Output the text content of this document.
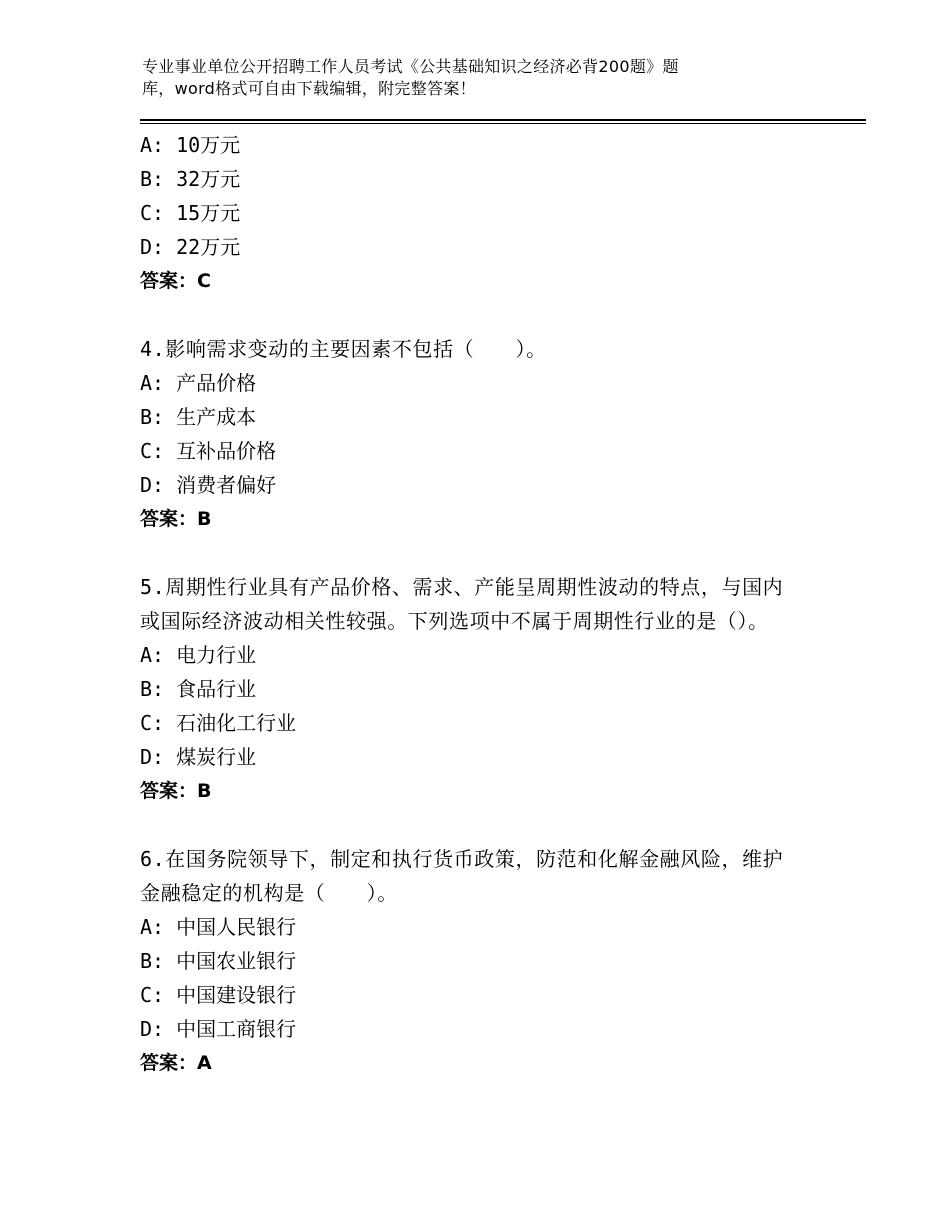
专业事业单位公开招聘工作人员考试《公共基础知识之经济必背200题》题

库，word格式可自由下载编辑，附完整答案！

A: 10万元

B: 32万元

C: 15万元

D: 22万元

答案：C

4.影响需求变动的主要因素不包括（　　）。

A: 产品价格

B: 生产成本

C: 互补品价格

D: 消费者偏好

答案：B

5.周期性行业具有产品价格、需求、产能呈周期性波动的特点，与国内或国际经济波动相关性较强。下列选项中不属于周期性行业的是（）。

A: 电力行业

B: 食品行业

C: 石油化工行业

D: 煤炭行业

答案：B

6.在国务院领导下，制定和执行货币政策，防范和化解金融风险，维护金融稳定的机构是（　　）。

A: 中国人民银行

B: 中国农业银行

C: 中国建设银行

D: 中国工商银行

答案：A
